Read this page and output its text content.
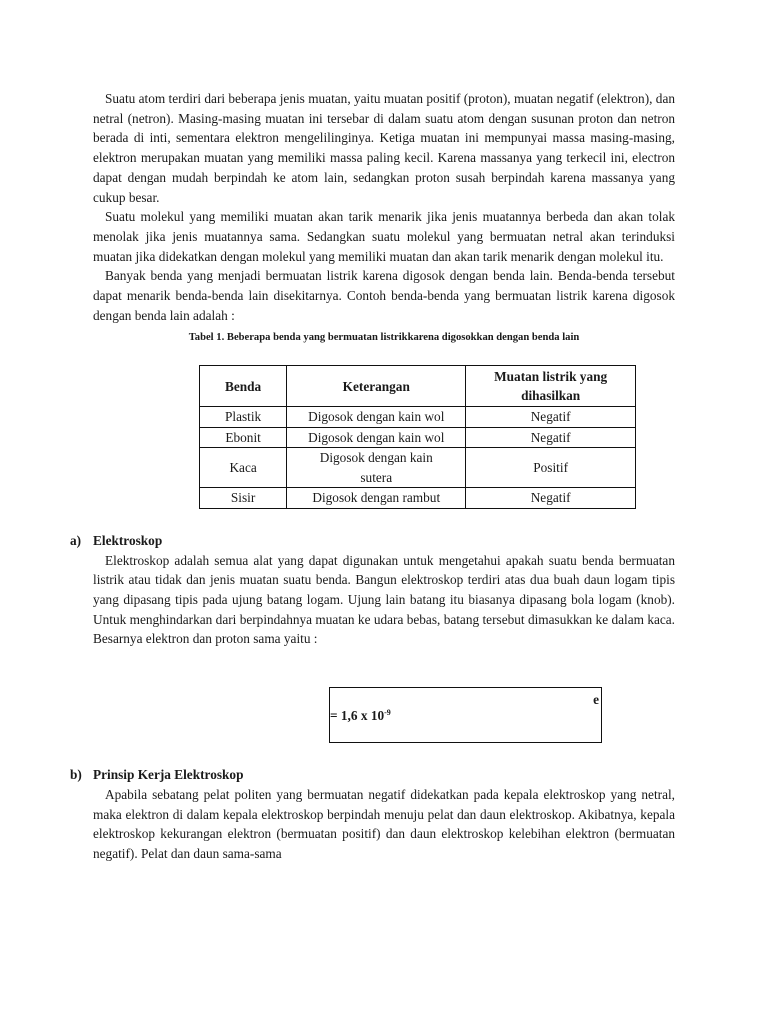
Suatu atom terdiri dari beberapa jenis muatan, yaitu muatan positif (proton), muatan negatif (elektron), dan netral (netron). Masing-masing muatan ini tersebar di dalam suatu atom dengan susunan proton dan netron berada di inti, sementara elektron mengelilinginya. Ketiga muatan ini mempunyai massa masing-masing, elektron merupakan muatan yang memiliki massa paling kecil. Karena massanya yang terkecil ini, electron dapat dengan mudah berpindah ke atom lain, sedangkan proton susah berpindah karena massanya yang cukup besar.

Suatu molekul yang memiliki muatan akan tarik menarik jika jenis muatannya berbeda dan akan tolak menolak jika jenis muatannya sama. Sedangkan suatu molekul yang bermuatan netral akan terinduksi muatan jika didekatkan dengan molekul yang memiliki muatan dan akan tarik menarik dengan molekul itu.

Banyak benda yang menjadi bermuatan listrik karena digosok dengan benda lain. Benda-benda tersebut dapat menarik benda-benda lain disekitarnya. Contoh benda-benda yang bermuatan listrik karena digosok dengan benda lain adalah :

Tabel 1. Beberapa benda yang bermuatan listrikkarena digosokkan dengan benda lain
Benda	Keterangan	Muatan listrik yang dihasilkan
Plastik	Digosok dengan kain wol	Negatif
Ebonit	Digosok dengan kain wol	Negatif
Kaca	Digosok dengan kain sutera	Positif
Sisir	Digosok dengan rambut	Negatif
a) Elektroskop

Elektroskop adalah semua alat yang dapat digunakan untuk mengetahui apakah suatu benda bermuatan listrik atau tidak dan jenis muatan suatu benda. Bangun elektroskop terdiri atas dua buah daun logam tipis yang dipasang tipis pada ujung batang logam. Ujung lain batang itu biasanya dipasang bola logam (knob). Untuk menghindarkan dari berpindahnya muatan ke udara bebas, batang tersebut dimasukkan ke dalam kaca. Besarnya elektron dan proton sama yaitu :

e
= 1,6 x $10^{-9}$
b) Prinsip Kerja Elektroskop

Apabila sebatang pelat politen yang bermuatan negatif didekatkan pada kepala elektroskop yang netral, maka elektron di dalam kepala elektroskop berpindah menuju pelat dan daun elektroskop. Akibatnya, kepala elektroskop kekurangan elektron (bermuatan positif) dan daun elektroskop kelebihan elektron (bermuatan negatif). Pelat dan daun sama-sama
